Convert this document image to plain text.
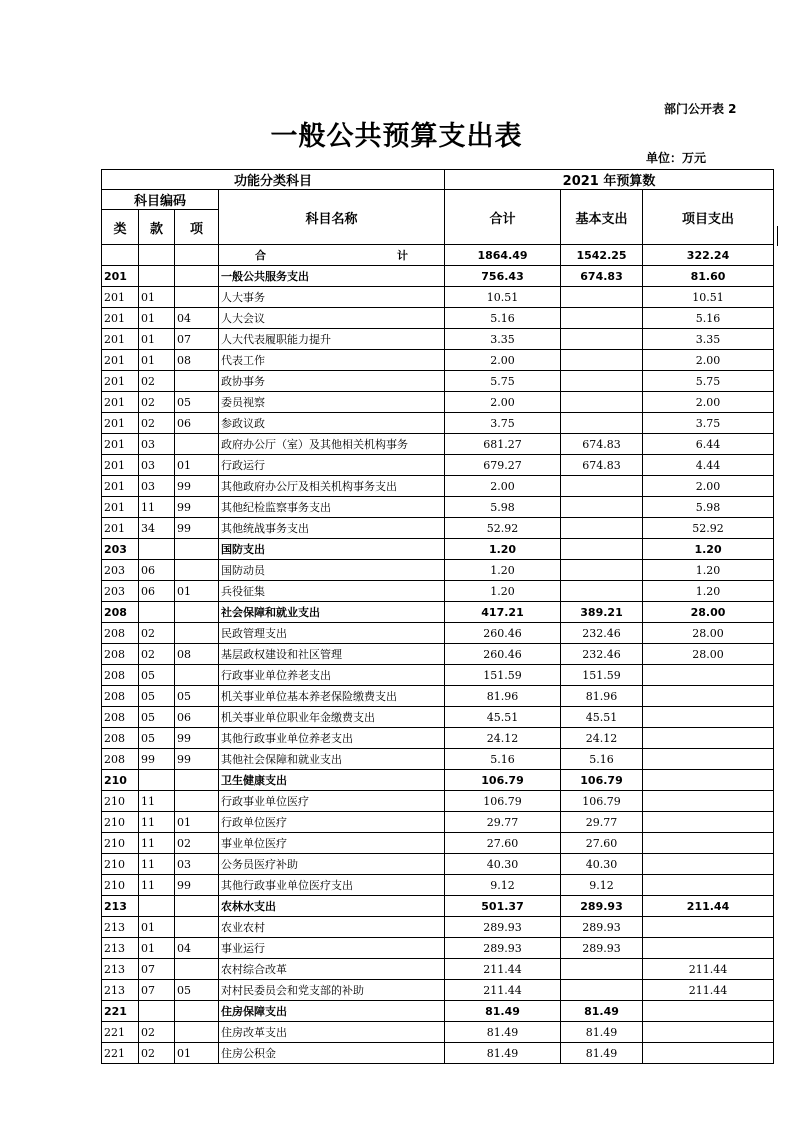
部门公开表 2
一般公共预算支出表
单位：万元
功能分类科目				2021 年预算数		
科目编码			科目名称	合计	基本支出	项目支出
类	款	项				
			合　　　　计	1864.49	1542.25	322.24
201			一般公共服务支出	756.43	674.83	81.60
201	01		人大事务	10.51		10.51
201	01	04	人大会议	5.16		5.16
201	01	07	人大代表履职能力提升	3.35		3.35
201	01	08	代表工作	2.00		2.00
201	02		政协事务	5.75		5.75
201	02	05	委员视察	2.00		2.00
201	02	06	参政议政	3.75		3.75
201	03		政府办公厅（室）及其他相关机构事务	681.27	674.83	6.44
201	03	01	行政运行	679.27	674.83	4.44
201	03	99	其他政府办公厅及相关机构事务支出	2.00		2.00
201	11	99	其他纪检监察事务支出	5.98		5.98
201	34	99	其他统战事务支出	52.92		52.92
203			国防支出	1.20		1.20
203	06		国防动员	1.20		1.20
203	06	01	兵役征集	1.20		1.20
208			社会保障和就业支出	417.21	389.21	28.00
208	02		民政管理支出	260.46	232.46	28.00
208	02	08	基层政权建设和社区管理	260.46	232.46	28.00
208	05		行政事业单位养老支出	151.59	151.59	
208	05	05	机关事业单位基本养老保险缴费支出	81.96	81.96	
208	05	06	机关事业单位职业年金缴费支出	45.51	45.51	
208	05	99	其他行政事业单位养老支出	24.12	24.12	
208	99	99	其他社会保障和就业支出	5.16	5.16	
210			卫生健康支出	106.79	106.79	
210	11		行政事业单位医疗	106.79	106.79	
210	11	01	行政单位医疗	29.77	29.77	
210	11	02	事业单位医疗	27.60	27.60	
210	11	03	公务员医疗补助	40.30	40.30	
210	11	99	其他行政事业单位医疗支出	9.12	9.12	
213			农林水支出	501.37	289.93	211.44
213	01		农业农村	289.93	289.93	
213	01	04	事业运行	289.93	289.93	
213	07		农村综合改革	211.44		211.44
213	07	05	对村民委员会和党支部的补助	211.44		211.44
221			住房保障支出	81.49	81.49	
221	02		住房改革支出	81.49	81.49	
221	02	01	住房公积金	81.49	81.49	
